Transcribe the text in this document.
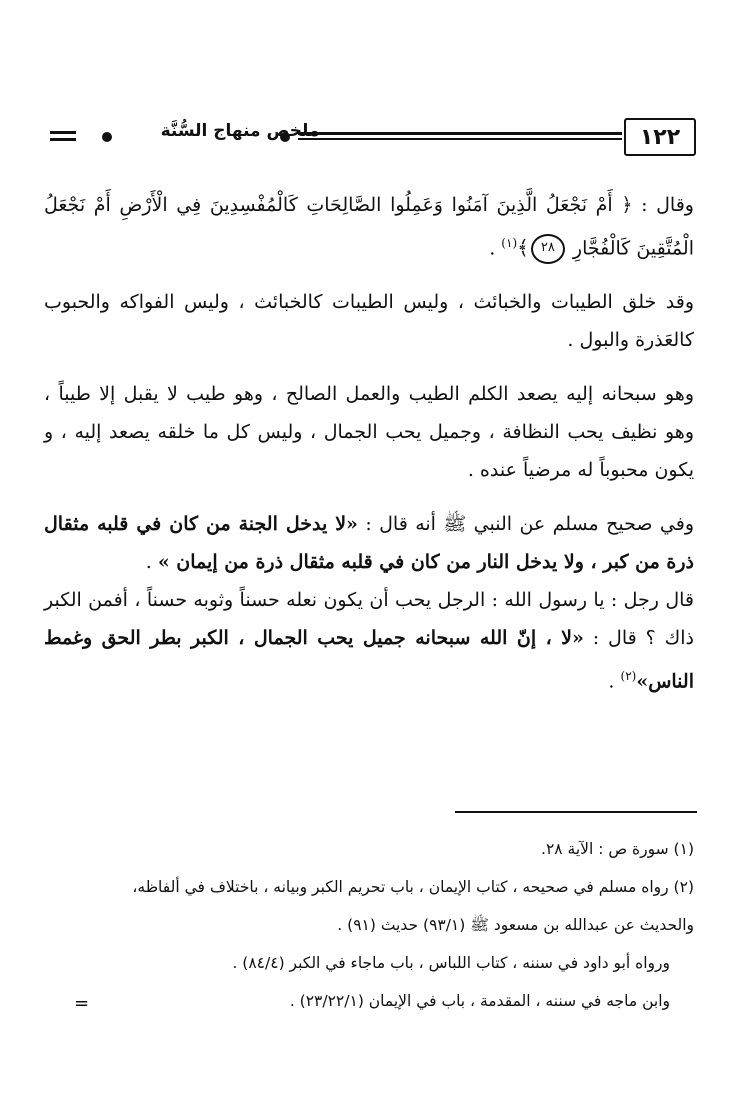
١٢٢
ملخص منهاج السُّنَّة

وقال : ﴿ أَمْ نَجْعَلُ الَّذِينَ آمَنُوا وَعَمِلُوا الصَّالِحَاتِ كَالْمُفْسِدِينَ فِي الْأَرْضِ أَمْ نَجْعَلُ الْمُتَّقِينَ كَالْفُجَّارِ ٢٨﴾$^{(١)}$ .

وقد خلق الطيبات والخبائث ، وليس الطيبات كالخبائث ، وليس الفواكه والحبوب كالعَذرة والبول .

وهو سبحانه إليه يصعد الكلم الطيب والعمل الصالح ، وهو طيب لا يقبل إلا طيباً ، وهو نظيف يحب النظافة ، وجميل يحب الجمال ، وليس كل ما خلقه يصعد إليه ، و يكون محبوباً له مرضياً عنده .

وفي صحيح مسلم عن النبي ﷺ أنه قال : «لا يدخل الجنة من كان في قلبه مثقال ذرة من كبر ، ولا يدخل النار من كان في قلبه مثقال ذرة من إيمان » .

قال رجل : يا رسول الله : الرجل يحب أن يكون نعله حسناً وثوبه حسناً ، أفمن الكبر ذاك ؟ قال : «لا ، إنّ الله سبحانه جميل يحب الجمال ، الكبر بطر الحق وغمط الناس»$^{(٢)}$ .

(١) سورة ص : الآية ٢٨.
(٢) رواه مسلم في صحيحه ، كتاب الإيمان ، باب تحريم الكبر وبيانه ، باختلاف في ألفاظه،
والحديث عن عبدالله بن مسعود ﷺ (٩٣/١) حديث (٩١) .
ورواه أبو داود في سننه ، كتاب اللباس ، باب ماجاء في الكبر (٨٤/٤) .
وابن ماجه في سننه ، المقدمة ، باب في الإيمان (٢٣/٢٢/١) .
=
